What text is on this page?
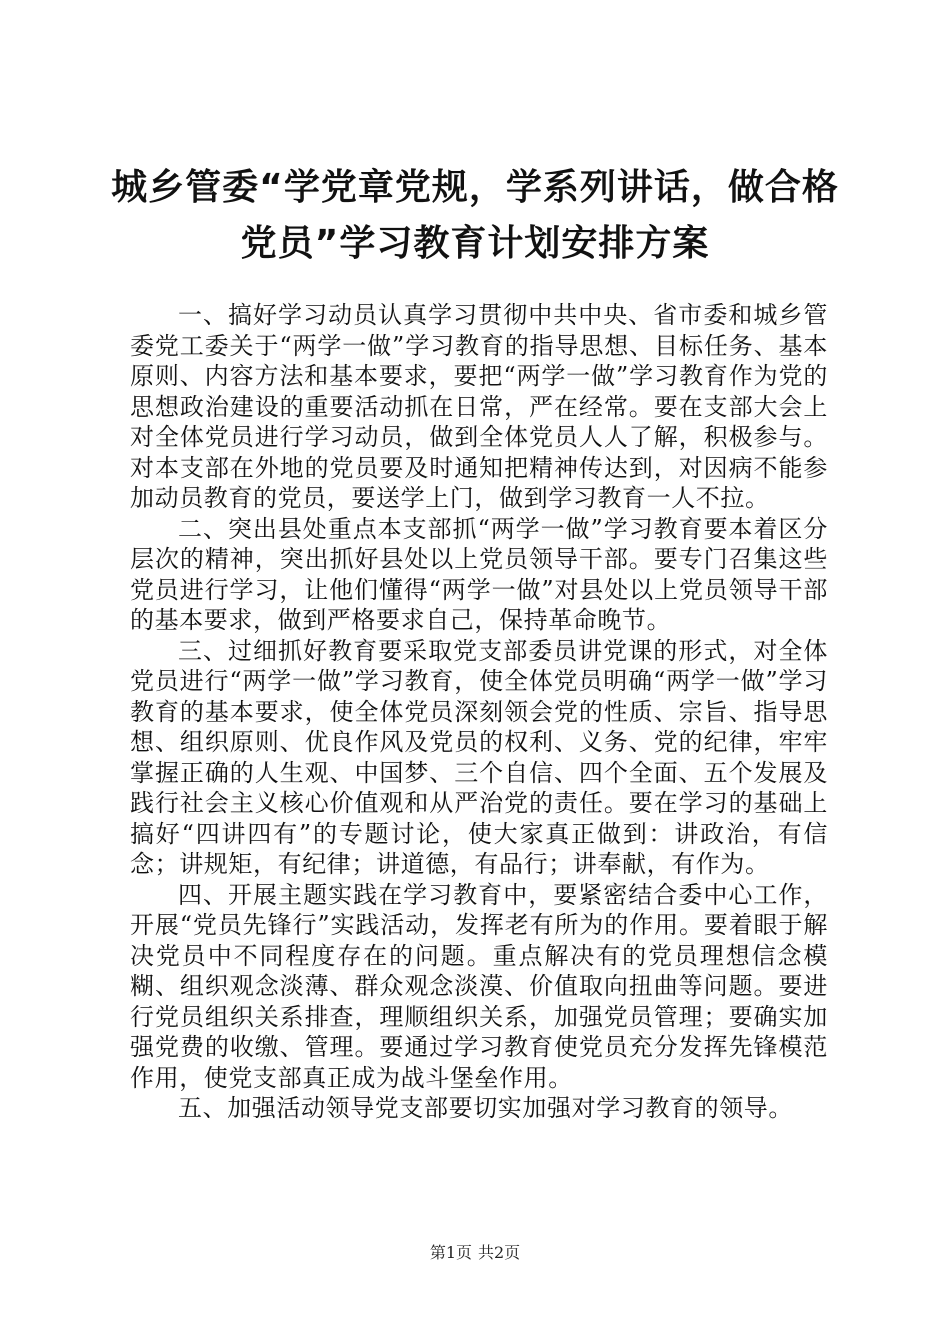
城乡管委“学党章党规，学系列讲话，做合格
党员”学习教育计划安排方案

一、搞好学习动员认真学习贯彻中共中央、省市委和城乡管委党工委关于“两学一做”学习教育的指导思想、目标任务、基本原则、内容方法和基本要求，要把“两学一做”学习教育作为党的思想政治建设的重要活动抓在日常，严在经常。要在支部大会上对全体党员进行学习动员，做到全体党员人人了解，积极参与。对本支部在外地的党员要及时通知把精神传达到，对因病不能参加动员教育的党员，要送学上门，做到学习教育一人不拉。

二、突出县处重点本支部抓“两学一做”学习教育要本着区分层次的精神，突出抓好县处以上党员领导干部。要专门召集这些党员进行学习，让他们懂得“两学一做”对县处以上党员领导干部的基本要求，做到严格要求自己，保持革命晚节。

三、过细抓好教育要采取党支部委员讲党课的形式，对全体党员进行“两学一做”学习教育，使全体党员明确“两学一做”学习教育的基本要求，使全体党员深刻领会党的性质、宗旨、指导思想、组织原则、优良作风及党员的权利、义务、党的纪律，牢牢掌握正确的人生观、中国梦、三个自信、四个全面、五个发展及践行社会主义核心价值观和从严治党的责任。要在学习的基础上搞好“四讲四有”的专题讨论，使大家真正做到：讲政治，有信念；讲规矩，有纪律；讲道德，有品行；讲奉献，有作为。

四、开展主题实践在学习教育中，要紧密结合委中心工作，开展“党员先锋行”实践活动，发挥老有所为的作用。要着眼于解决党员中不同程度存在的问题。重点解决有的党员理想信念模糊、组织观念淡薄、群众观念淡漠、价值取向扭曲等问题。要进行党员组织关系排查，理顺组织关系，加强党员管理；要确实加强党费的收缴、管理。要通过学习教育使党员充分发挥先锋模范作用，使党支部真正成为战斗堡垒作用。

五、加强活动领导党支部要切实加强对学习教育的领导。

第1页 共2页
